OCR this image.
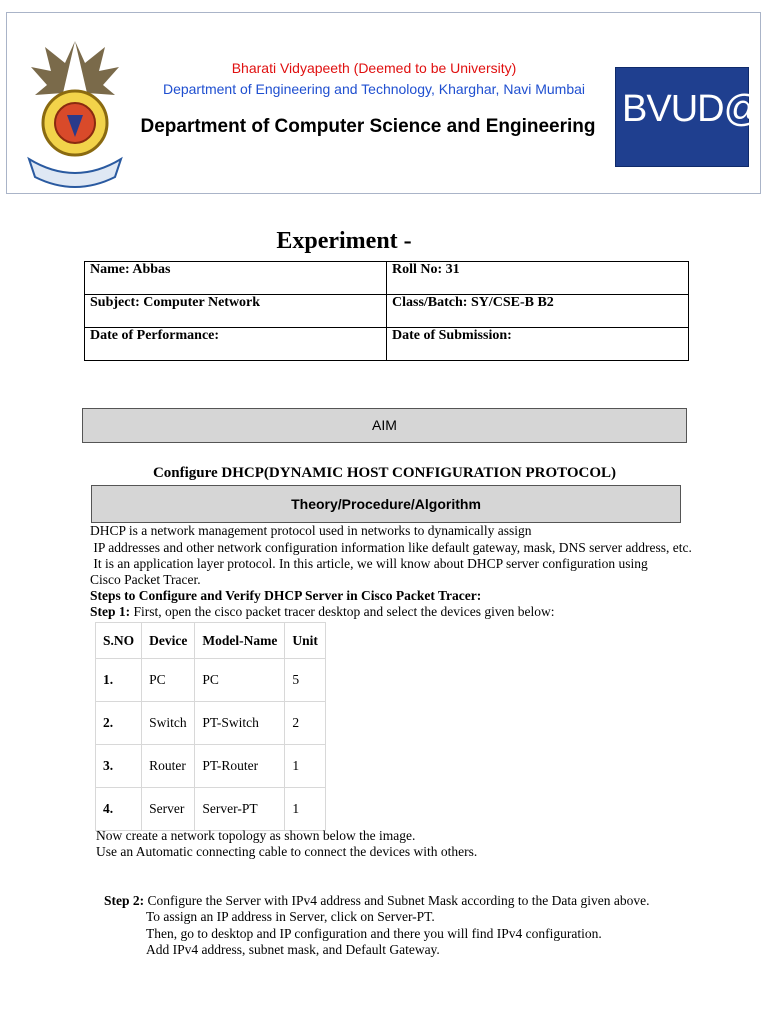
Bharati Vidyapeeth (Deemed to be University)
Department of Engineering and Technology, Kharghar, Navi Mumbai
Department of Computer Science and Engineering BVUD@T
Experiment -
Name: Abbas	Roll No: 31
Subject: Computer Network	Class/Batch: SY/CSE-B B2
Date of Performance:	Date of Submission:
AIM
Configure DHCP(DYNAMIC HOST CONFIGURATION PROTOCOL)
Theory/Procedure/Algorithm
DHCP is a network management protocol used in networks to dynamically assign
IP addresses and other network configuration information like default gateway, mask, DNS server address, etc.
It is an application layer protocol. In this article, we will know about DHCP server configuration using
Cisco Packet Tracer.
Steps to Configure and Verify DHCP Server in Cisco Packet Tracer:
Step 1: First, open the cisco packet tracer desktop and select the devices given below:
S.NO	Device	Model-Name	Unit
1.	PC	PC	5
2.	Switch	PT-Switch	2
3.	Router	PT-Router	1
4.	Server	Server-PT	1
Now create a network topology as shown below the image.
Use an Automatic connecting cable to connect the devices with others.
Step 2: Configure the Server with IPv4 address and Subnet Mask according to the Data given above.
To assign an IP address in Server, click on Server-PT.
Then, go to desktop and IP configuration and there you will find IPv4 configuration.
Add IPv4 address, subnet mask, and Default Gateway.
